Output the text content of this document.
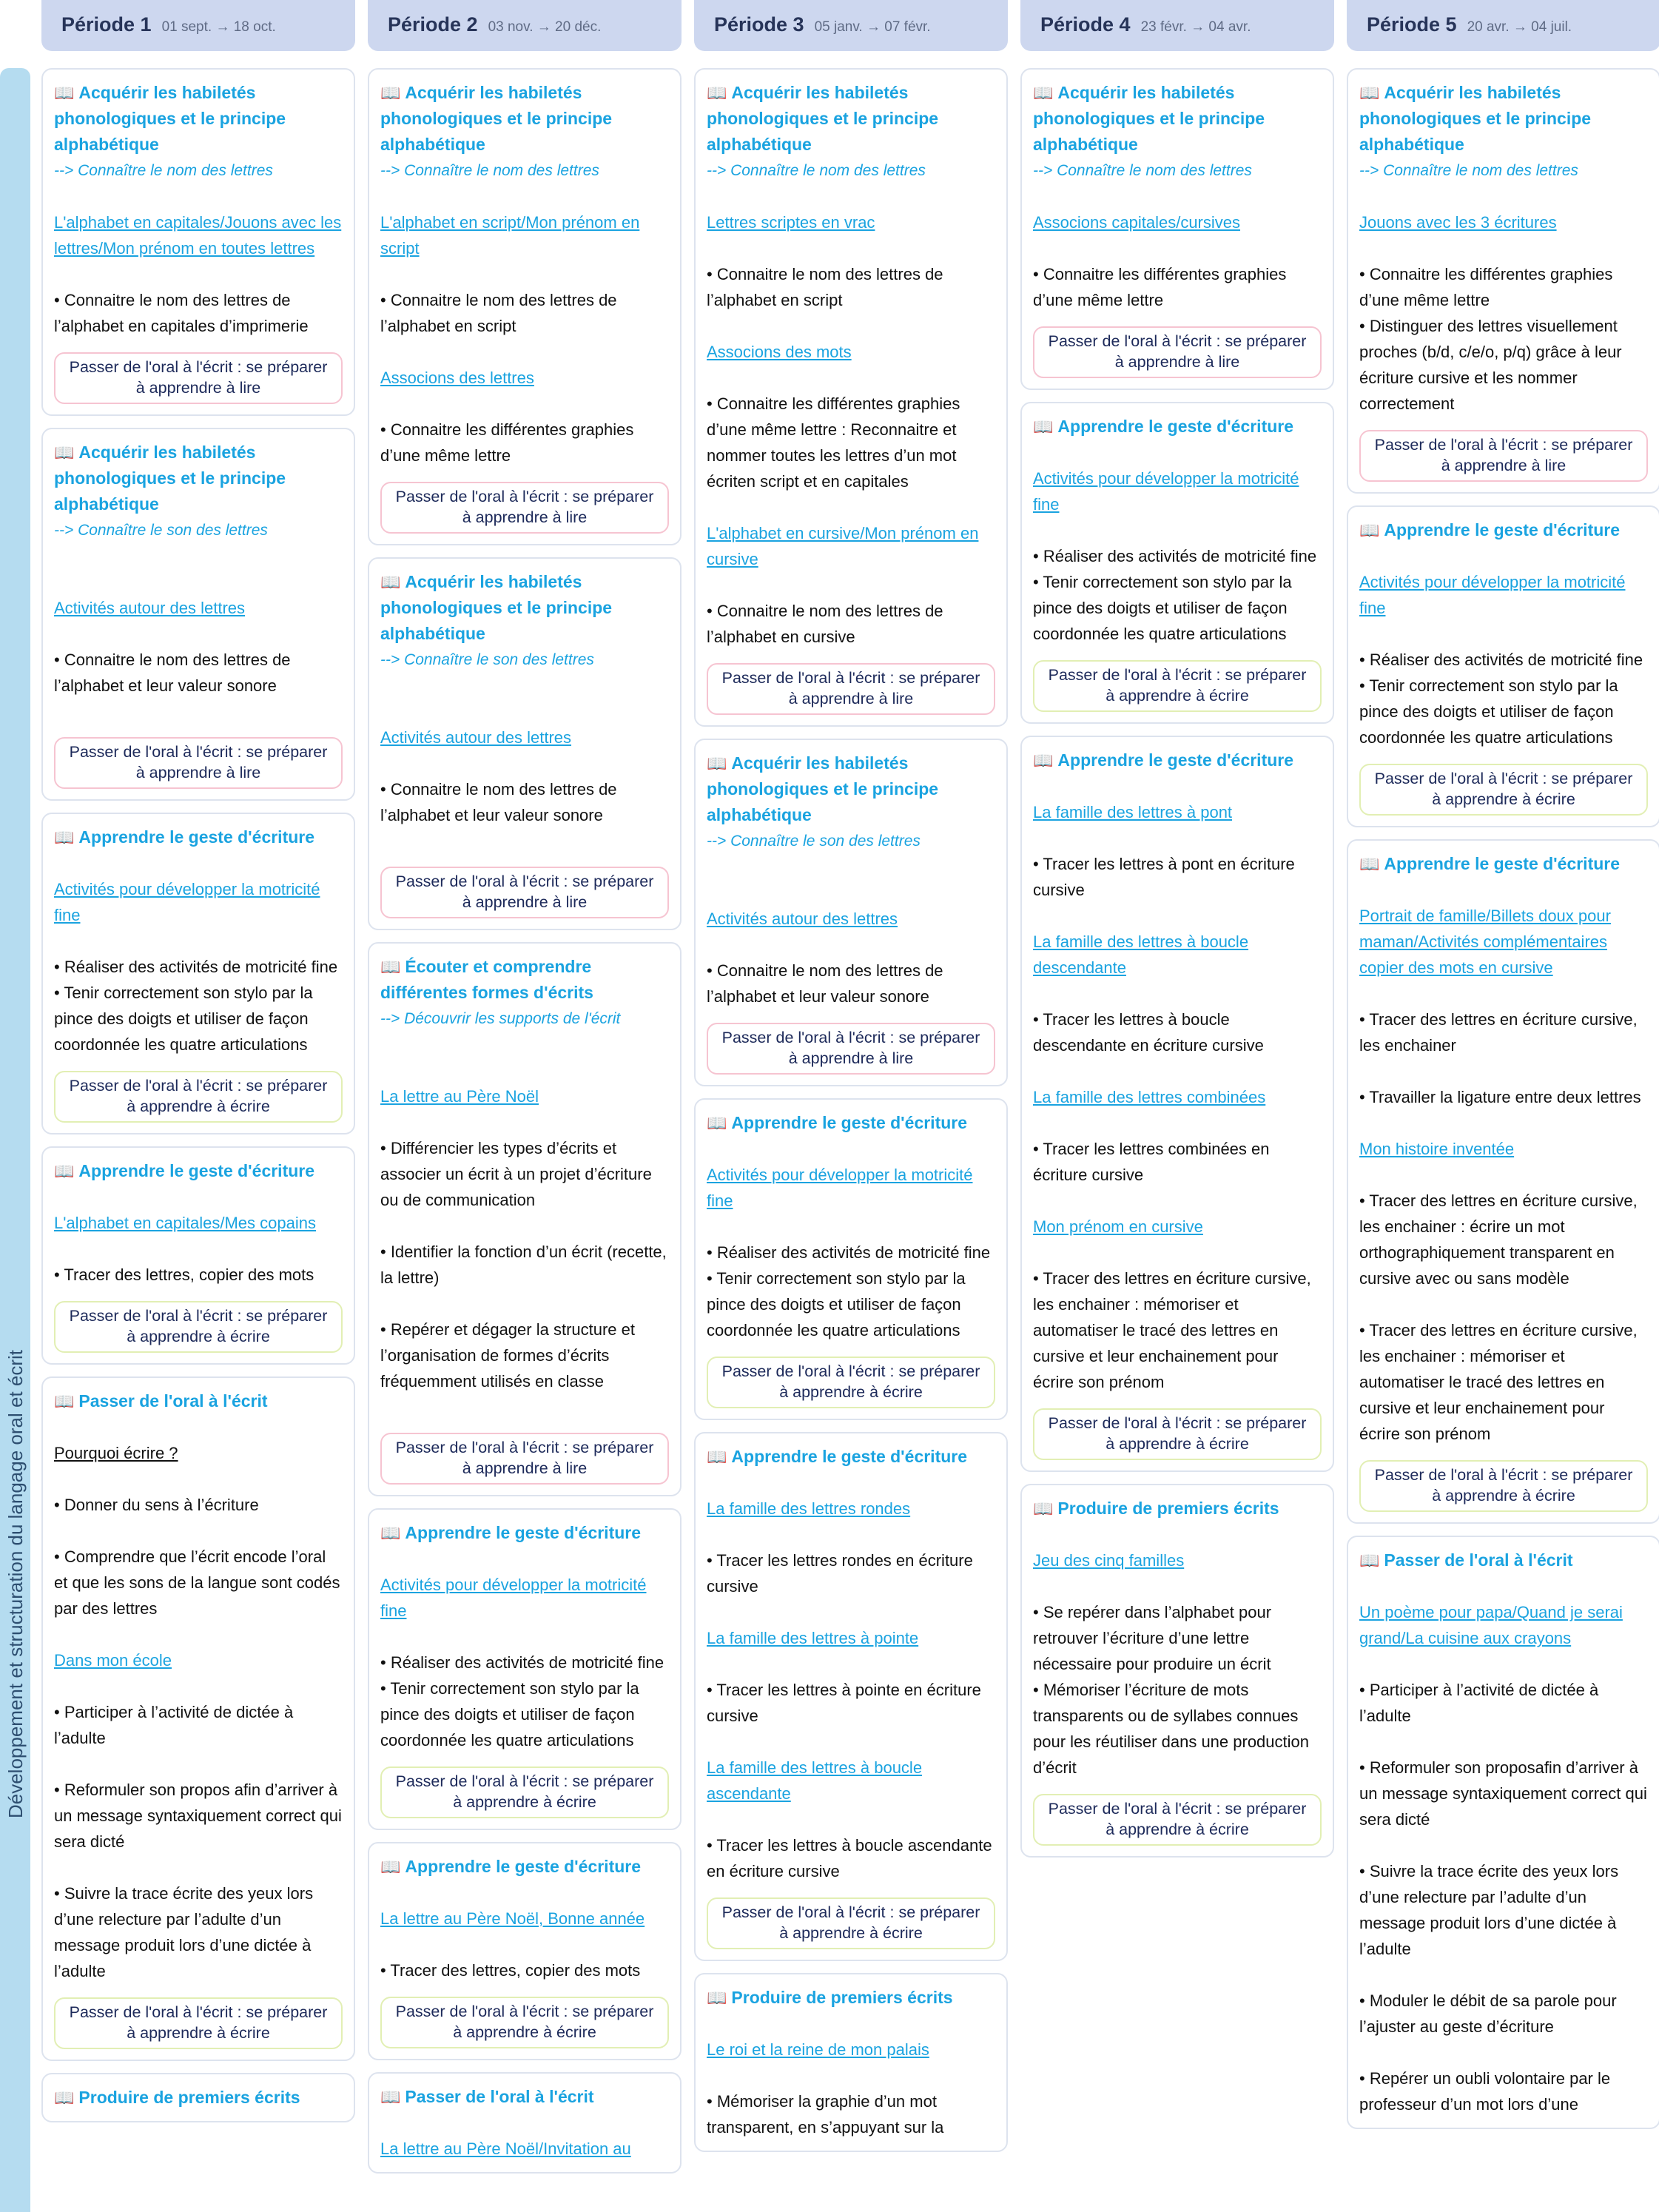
Période 1 01 sept. → 18 oct.	Période 2 03 nov. → 20 déc.	Période 3 05 janv. → 07 févr.	Période 4 23 févr. → 04 avr.	Période 5 20 avr. → 04 juil.
Développement et structuration du langage oral et écrit
📖 Acquérir les habiletés phonologiques et le principe alphabétique
--> Connaître le nom des lettres
L'alphabet en capitales/Jouons avec les lettres/Mon prénom en toutes lettres
• Connaitre le nom des lettres de l’alphabet en capitales d’imprimerie
Passer de l'oral à l'écrit : se préparer à apprendre à lire
📖 Acquérir les habiletés phonologiques et le principe alphabétique
--> Connaître le son des lettres
Activités autour des lettres
• Connaitre le nom des lettres de l’alphabet et leur valeur sonore
Passer de l'oral à l'écrit : se préparer à apprendre à lire
📖 Apprendre le geste d'écriture
Activités pour développer la motricité fine
• Réaliser des activités de motricité fine
• Tenir correctement son stylo par la pince des doigts et utiliser de façon coordonnée les quatre articulations
Passer de l'oral à l'écrit : se préparer à apprendre à écrire
📖 Apprendre le geste d'écriture
L'alphabet en capitales/Mes copains
• Tracer des lettres, copier des mots
Passer de l'oral à l'écrit : se préparer à apprendre à écrire
📖 Passer de l'oral à l'écrit
Pourquoi écrire ?
• Donner du sens à l’écriture
• Comprendre que l’écrit encode l’oral et que les sons de la langue sont codés par des lettres
Dans mon école
• Participer à l’activité de dictée à l’adulte
• Reformuler son propos afin d’arriver à un message syntaxiquement correct qui sera dicté
• Suivre la trace écrite des yeux lors d’une relecture par l’adulte d’un message produit lors d’une dictée à l’adulte
Passer de l'oral à l'écrit : se préparer à apprendre à écrire
📖 Produire de premiers écrits
📖 Acquérir les habiletés phonologiques et le principe alphabétique
--> Connaître le nom des lettres
L'alphabet en script/Mon prénom en script
• Connaitre le nom des lettres de l’alphabet en script
Associons des lettres
• Connaitre les différentes graphies d’une même lettre
Passer de l'oral à l'écrit : se préparer à apprendre à lire
📖 Acquérir les habiletés phonologiques et le principe alphabétique
--> Connaître le son des lettres
Activités autour des lettres
• Connaitre le nom des lettres de l’alphabet et leur valeur sonore
Passer de l'oral à l'écrit : se préparer à apprendre à lire
📖 Écouter et comprendre différentes formes d'écrits
--> Découvrir les supports de l'écrit
La lettre au Père Noël
• Différencier les types d’écrits et associer un écrit à un projet d’écriture ou de communication
• Identifier la fonction d’un écrit (recette, la lettre)
• Repérer et dégager la structure et l’organisation de formes d’écrits fréquemment utilisés en classe
Passer de l'oral à l'écrit : se préparer à apprendre à lire
📖 Apprendre le geste d'écriture
Activités pour développer la motricité fine
• Réaliser des activités de motricité fine
• Tenir correctement son stylo par la pince des doigts et utiliser de façon coordonnée les quatre articulations
Passer de l'oral à l'écrit : se préparer à apprendre à écrire
📖 Apprendre le geste d'écriture
La lettre au Père Noël, Bonne année
• Tracer des lettres, copier des mots
Passer de l'oral à l'écrit : se préparer à apprendre à écrire
📖 Passer de l'oral à l'écrit
La lettre au Père Noël/Invitation au
📖 Acquérir les habiletés phonologiques et le principe alphabétique
--> Connaître le nom des lettres
Lettres scriptes en vrac
• Connaitre le nom des lettres de l’alphabet en script
Associons des mots
• Connaitre les différentes graphies d’une même lettre : Reconnaitre et nommer toutes les lettres d’un mot écriten script et en capitales
L'alphabet en cursive/Mon prénom en cursive
• Connaitre le nom des lettres de l’alphabet en cursive
Passer de l'oral à l'écrit : se préparer à apprendre à lire
📖 Acquérir les habiletés phonologiques et le principe alphabétique
--> Connaître le son des lettres
Activités autour des lettres
• Connaitre le nom des lettres de l’alphabet et leur valeur sonore
Passer de l'oral à l'écrit : se préparer à apprendre à lire
📖 Apprendre le geste d'écriture
Activités pour développer la motricité fine
• Réaliser des activités de motricité fine
• Tenir correctement son stylo par la pince des doigts et utiliser de façon coordonnée les quatre articulations
Passer de l'oral à l'écrit : se préparer à apprendre à écrire
📖 Apprendre le geste d'écriture
La famille des lettres rondes
• Tracer les lettres rondes en écriture cursive
La famille des lettres à pointe
• Tracer les lettres à pointe en écriture cursive
La famille des lettres à boucle ascendante
• Tracer les lettres à boucle ascendante en écriture cursive
Passer de l'oral à l'écrit : se préparer à apprendre à écrire
📖 Produire de premiers écrits
Le roi et la reine de mon palais
• Mémoriser la graphie d’un mot transparent, en s’appuyant sur la
📖 Acquérir les habiletés phonologiques et le principe alphabétique
--> Connaître le nom des lettres
Associons capitales/cursives
• Connaitre les différentes graphies d’une même lettre
Passer de l'oral à l'écrit : se préparer à apprendre à lire
📖 Apprendre le geste d'écriture
Activités pour développer la motricité fine
• Réaliser des activités de motricité fine
• Tenir correctement son stylo par la pince des doigts et utiliser de façon coordonnée les quatre articulations
Passer de l'oral à l'écrit : se préparer à apprendre à écrire
📖 Apprendre le geste d'écriture
La famille des lettres à pont
• Tracer les lettres à pont en écriture cursive
La famille des lettres à boucle descendante
• Tracer les lettres à boucle descendante en écriture cursive
La famille des lettres combinées
• Tracer les lettres combinées en écriture cursive
Mon prénom en cursive
• Tracer des lettres en écriture cursive, les enchainer : mémoriser et automatiser le tracé des lettres en cursive et leur enchainement pour écrire son prénom
Passer de l'oral à l'écrit : se préparer à apprendre à écrire
📖 Produire de premiers écrits
Jeu des cinq familles
• Se repérer dans l’alphabet pour retrouver l’écriture d’une lettre nécessaire pour produire un écrit
• Mémoriser l’écriture de mots transparents ou de syllabes connues pour les réutiliser dans une production d’écrit
Passer de l'oral à l'écrit : se préparer à apprendre à écrire
📖 Acquérir les habiletés phonologiques et le principe alphabétique
--> Connaître le nom des lettres
Jouons avec les 3 écritures
• Connaitre les différentes graphies d’une même lettre
• Distinguer des lettres visuellement proches (b/d, c/e/o, p/q) grâce à leur écriture cursive et les nommer correctement
Passer de l'oral à l'écrit : se préparer à apprendre à lire
📖 Apprendre le geste d'écriture
Activités pour développer la motricité fine
• Réaliser des activités de motricité fine
• Tenir correctement son stylo par la pince des doigts et utiliser de façon coordonnée les quatre articulations
Passer de l'oral à l'écrit : se préparer à apprendre à écrire
📖 Apprendre le geste d'écriture
Portrait de famille/Billets doux pour maman/Activités complémentaires copier des mots en cursive
• Tracer des lettres en écriture cursive, les enchainer
• Travailler la ligature entre deux lettres
Mon histoire inventée
• Tracer des lettres en écriture cursive, les enchainer : écrire un mot orthographiquement transparent en cursive avec ou sans modèle
• Tracer des lettres en écriture cursive, les enchainer : mémoriser et automatiser le tracé des lettres en cursive et leur enchainement pour écrire son prénom
Passer de l'oral à l'écrit : se préparer à apprendre à écrire
📖 Passer de l'oral à l'écrit
Un poème pour papa/Quand je serai grand/La cuisine aux crayons
• Participer à l’activité de dictée à l’adulte
• Reformuler son proposafin d’arriver à un message syntaxiquement correct qui sera dicté
• Suivre la trace écrite des yeux lors d’une relecture par l’adulte d’un message produit lors d’une dictée à l’adulte
• Moduler le débit de sa parole pour l’ajuster au geste d’écriture
• Repérer un oubli volontaire par le professeur d’un mot lors d’une
